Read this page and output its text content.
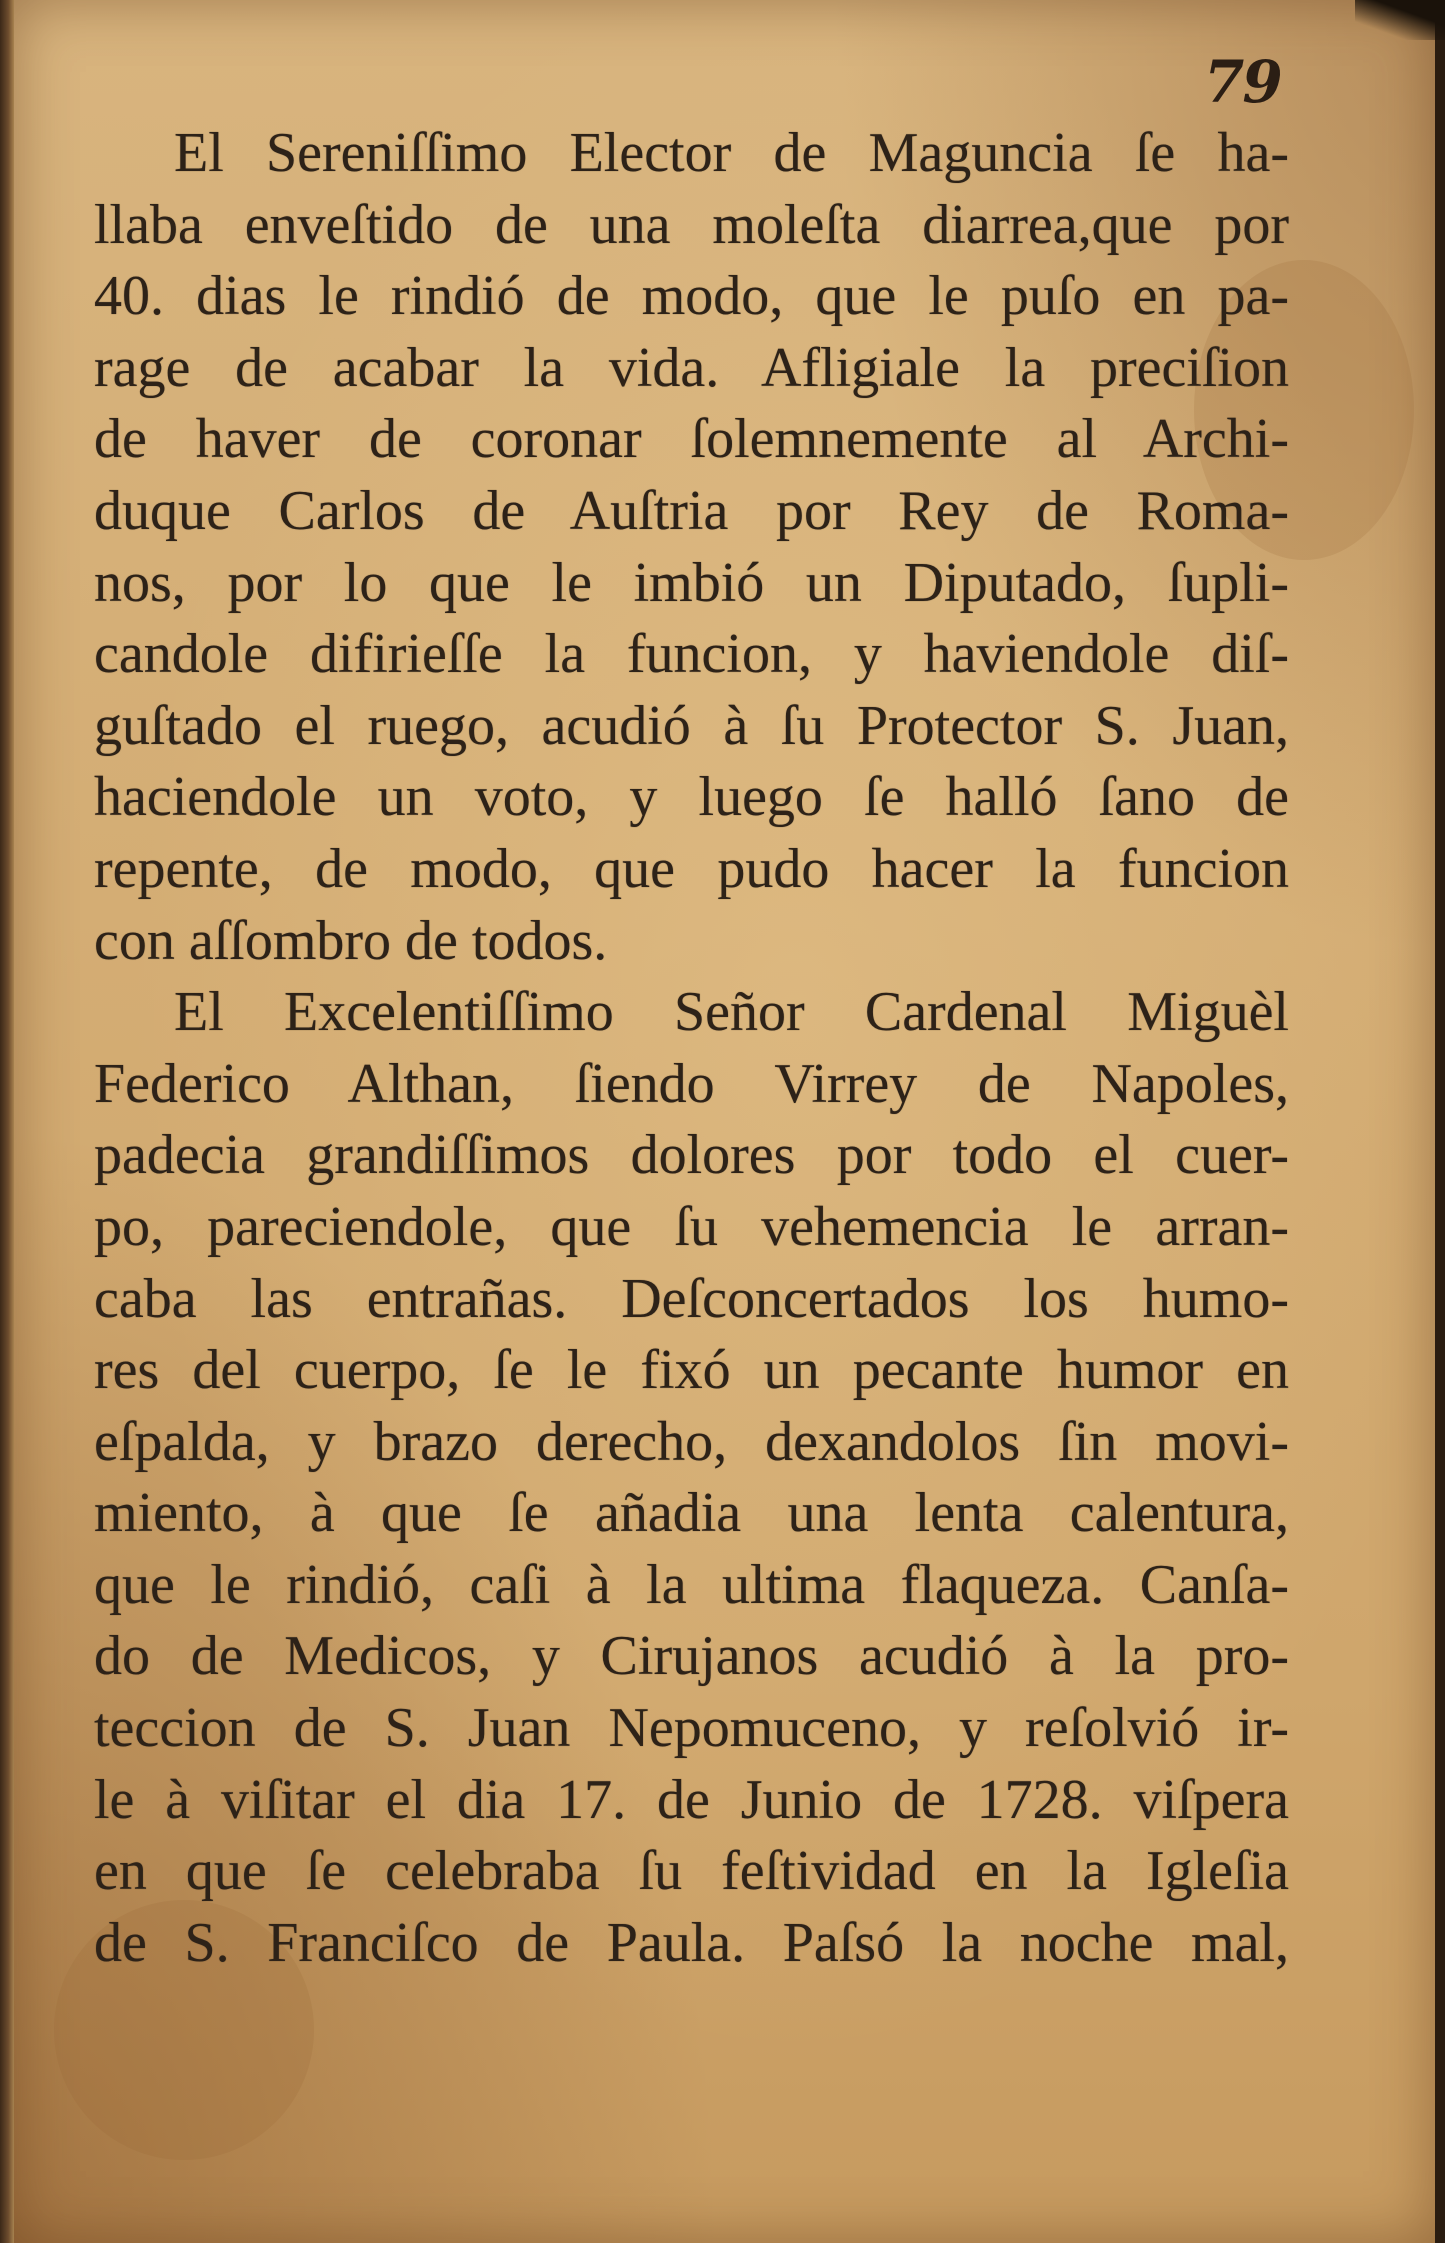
79
El Sereniſſimo Elector de Maguncia ſe ha-
llaba enveſtido de una moleſta diarrea,que por
40. dias le rindió de modo, que le puſo en pa-
rage de acabar la vida. Afligiale la preciſion
de haver de coronar ſolemnemente al Archi-
duque Carlos de Auſtria por Rey de Roma-
nos, por lo que le imbió un Diputado, ſupli-
candole difirieſſe la funcion, y haviendole diſ-
guſtado el ruego, acudió à ſu Protector S. Juan,
haciendole un voto, y luego ſe halló ſano de
repente, de modo, que pudo hacer la funcion
con aſſombro de todos.
El Excelentiſſimo Señor Cardenal Miguèl
Federico Althan, ſiendo Virrey de Napoles,
padecia grandiſſimos dolores por todo el cuer-
po, pareciendole, que ſu vehemencia le arran-
caba las entrañas. Deſconcertados los humo-
res del cuerpo, ſe le fixó un pecante humor en
eſpalda, y brazo derecho, dexandolos ſin movi-
miento, à que ſe añadia una lenta calentura,
que le rindió, caſi à la ultima flaqueza. Canſa-
do de Medicos, y Cirujanos acudió à la pro-
teccion de S. Juan Nepomuceno, y reſolvió ir-
le à viſitar el dia 17. de Junio de 1728. viſpera
en que ſe celebraba ſu feſtividad en la Igleſia
de S. Franciſco de Paula. Paſsó la noche mal,
